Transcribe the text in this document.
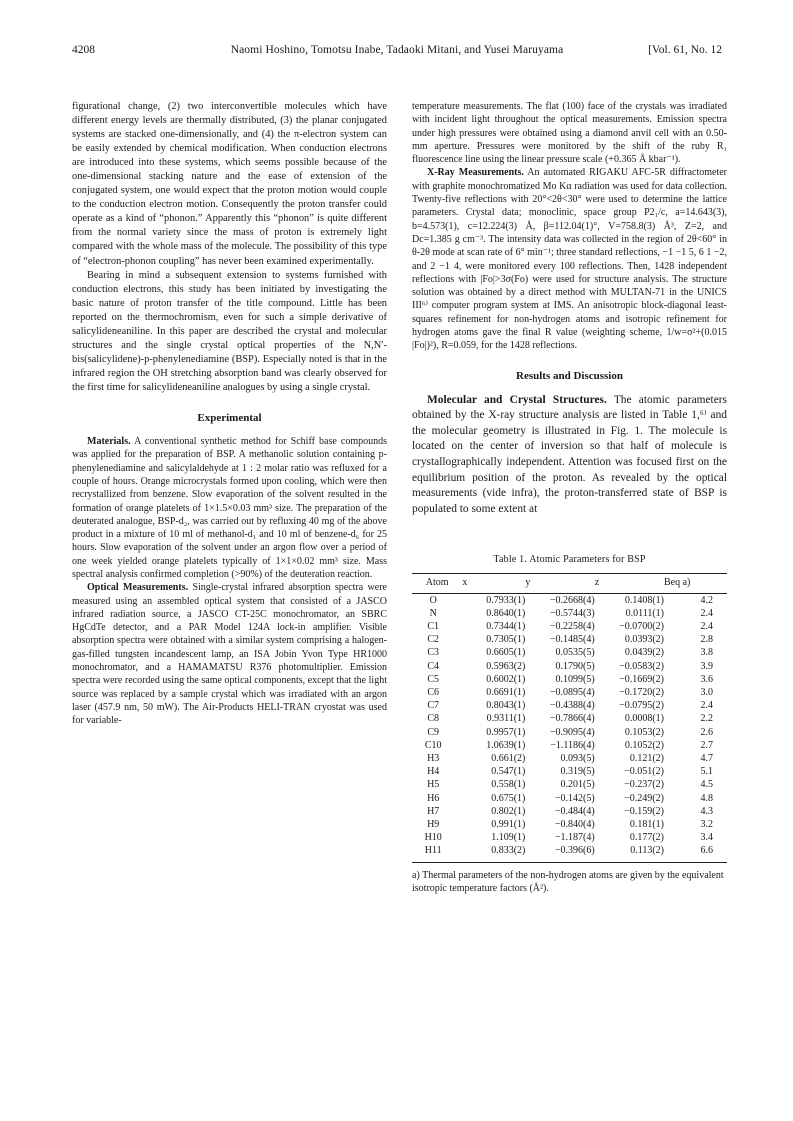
4208	Naomi Hoshino, Tomotsu Inabe, Tadaoki Mitani, and Yusei Maruyama	[Vol. 61, No. 12

figurational change, (2) two interconvertible molecules which have different energy levels are thermally distributed, (3) the planar conjugated systems are stacked one-dimensionally, and (4) the π-electron system can be easily extended by chemical modification. When conduction electrons are introduced into these systems, which seems possible because of the one-dimensional stacking nature and the ease of extension of the conjugated system, one would expect that the proton motion would couple to the conduction electron motion. Consequently the proton transfer could operate as a kind of “phonon.” Apparently this “phonon” is quite different from the normal variety since the mass of proton is extremely light compared with the whole mass of the molecule. The possibility of this type of “electron-phonon coupling” has never been examined experimentally.

Bearing in mind a subsequent extension to systems furnished with conduction electrons, this study has been initiated by investigating the basic nature of proton transfer of the title compound. Little has been reported on the thermochromism, even for such a simple derivative of salicylideneaniline. In this paper are described the crystal and molecular structures and the single crystal optical properties of the N,N′-bis(salicylidene)-p-phenylenediamine (BSP). Especially noted is that in the infrared region the OH stretching absorption band was clearly observed for the first time for salicylideneaniline analogues by using a single crystal.

Experimental

Materials. A conventional synthetic method for Schiff base compounds was applied for the preparation of BSP. A methanolic solution containing p-phenylenediamine and salicylaldehyde at 1 : 2 molar ratio was refluxed for a couple of hours. Orange microcrystals formed upon cooling, which were then recrystallized from benzene. Slow evaporation of the solvent resulted in the formation of orange platelets of 1×1.5×0.03 mm³ size. The preparation of the deuterated analogue, BSP-d₂, was carried out by refluxing 40 mg of the above product in a mixture of 10 ml of methanol-d₁ and 10 ml of benzene-d₆ for 25 hours. Slow evaporation of the solvent under an argon flow over a period of one week yielded orange platelets typically of 1×1×0.02 mm³ size. Mass spectral analysis confirmed completion (>90%) of the deuteration reaction.

Optical Measurements. Single-crystal infrared absorption spectra were measured using an assembled optical system that consisted of a JASCO infrared radiation source, a JASCO CT-25C monochromator, an SBRC HgCdTe detector, and a PAR Model 124A lock-in amplifier. Visible absorption spectra were obtained with a similar system comprising a halogen-gas-filled tungsten incandescent lamp, an ISA Jobin Yvon Type HR1000 monochromator, and a HAMAMATSU R376 photomultiplier. Emission spectra were recorded using the same optical components, except that the light source was replaced by a sample crystal which was irradiated with an argon laser (457.9 nm, 50 mW). The Air-Products HELI-TRAN cryostat was used for variable-

temperature measurements. The flat (100) face of the crystals was irradiated with incident light throughout the optical measurements. Emission spectra under high pressures were obtained using a diamond anvil cell with an 0.50-mm aperture. Pressures were monitored by the shift of the ruby R₁ fluorescence line using the linear pressure scale (+0.365 Å kbar⁻¹).

X-Ray Measurements. An automated RIGAKU AFC-5R diffractometer with graphite monochromatized Mo Kα radiation was used for data collection. Twenty-five reflections with 20°<2θ<30° were used to determine the lattice parameters. Crystal data; monoclinic, space group P2₁/c, a=14.643(3), b=4.573(1), c=12.224(3) Å, β=112.04(1)°, V=758.8(3) Å³, Z=2, and Dc=1.385 g cm⁻³. The intensity data was collected in the region of 2θ<60° in θ-2θ mode at scan rate of 6° min⁻¹; three standard reflections, −1 −1 5, 6 1 −2, and 2 −1 4, were monitored every 100 reflections. Then, 1428 independent reflections with |Fo|>3σ(Fo) were used for structure analysis. The structure solution was obtained by a direct method with MULTAN-71 in the UNICS III⁶⁾ computer program system at IMS. An anisotropic block-diagonal least-squares refinement for non-hydrogen atoms and isotropic refinement for hydrogen atoms gave the final R value (weighting scheme, 1/w=σ²+(0.015 |Fo|)²), R=0.059, for the 1428 reflections.

Results and Discussion

Molecular and Crystal Structures. The atomic parameters obtained by the X-ray structure analysis are listed in Table 1,⁶⁾ and the molecular geometry is illustrated in Fig. 1. The molecule is located on the center of inversion so that half of molecule is crystallographically independent. Attention was focused first on the equilibrium position of the proton. As revealed by the optical measurements (vide infra), the proton-transferred state of BSP is populated to some extent at

Table 1. Atomic Parameters for BSP
Atom	x	y	z	Beq a)
O	0.7933(1)	−0.2668(4)	0.1408(1)	4.2
N	0.8640(1)	−0.5744(3)	0.0111(1)	2.4
C1	0.7344(1)	−0.2258(4)	−0.0700(2)	2.4
C2	0.7305(1)	−0.1485(4)	0.0393(2)	2.8
C3	0.6605(1)	0.0535(5)	0.0439(2)	3.8
C4	0.5963(2)	0.1790(5)	−0.0583(2)	3.9
C5	0.6002(1)	0.1099(5)	−0.1669(2)	3.6
C6	0.6691(1)	−0.0895(4)	−0.1720(2)	3.0
C7	0.8043(1)	−0.4388(4)	−0.0795(2)	2.4
C8	0.9311(1)	−0.7866(4)	0.0008(1)	2.2
C9	0.9957(1)	−0.9095(4)	0.1053(2)	2.6
C10	1.0639(1)	−1.1186(4)	0.1052(2)	2.7
H3	0.661(2)	0.093(5)	0.121(2)	4.7
H4	0.547(1)	0.319(5)	−0.051(2)	5.1
H5	0.558(1)	0.201(5)	−0.237(2)	4.5
H6	0.675(1)	−0.142(5)	−0.249(2)	4.8
H7	0.802(1)	−0.484(4)	−0.159(2)	4.3
H9	0.991(1)	−0.840(4)	0.181(1)	3.2
H10	1.109(1)	−1.187(4)	0.177(2)	3.4
H11	0.833(2)	−0.396(6)	0.113(2)	6.6
a) Thermal parameters of the non-hydrogen atoms are given by the equivalent isotropic temperature factors (Å²).
